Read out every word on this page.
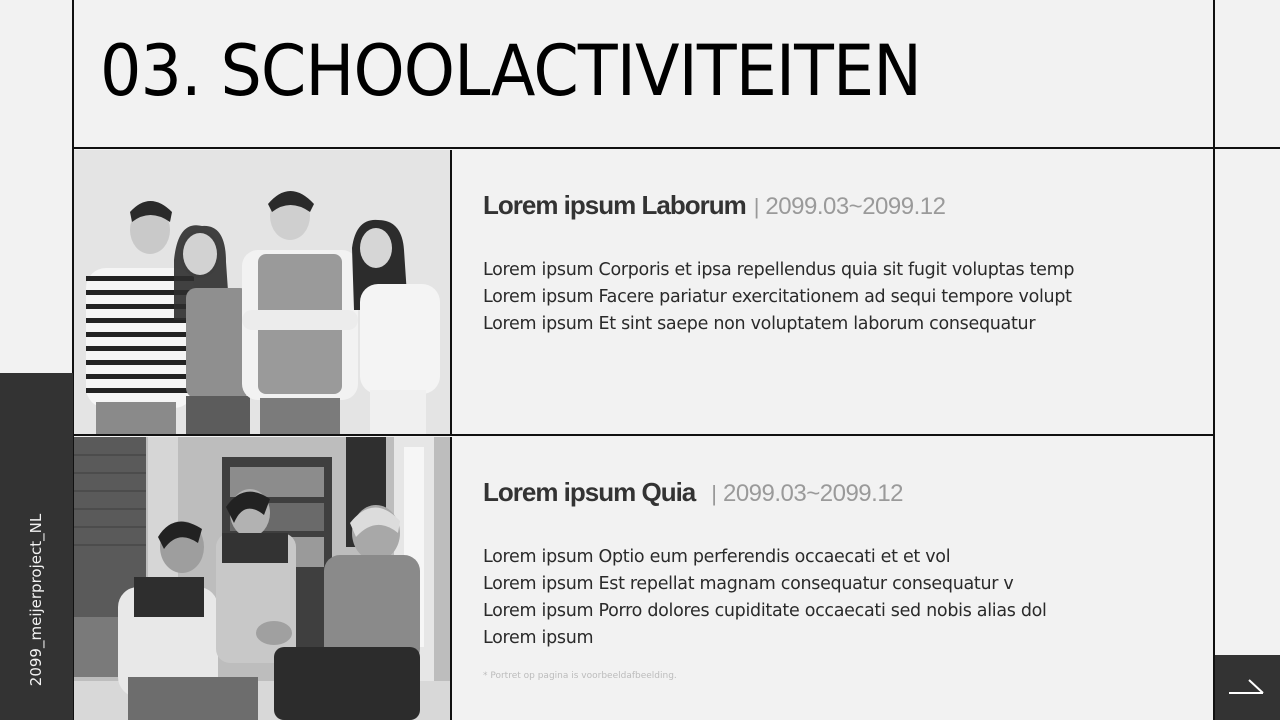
03. SCHOOLACTIVITEITEN
Lorem ipsum Laborum | 2099.03~2099.12
Lorem ipsum Corporis et ipsa repellendus quia sit fugit voluptas temp
Lorem ipsum Facere pariatur exercitationem ad sequi tempore volupt
Lorem ipsum Et sint saepe non voluptatem laborum consequatur
Lorem ipsum Quia | 2099.03~2099.12
Lorem ipsum Optio eum perferendis occaecati et et vol
Lorem ipsum Est repellat magnam consequatur consequatur v
Lorem ipsum Porro dolores cupiditate occaecati sed nobis alias dol
Lorem ipsum
* Portret op pagina is voorbeeldafbeelding.
2099_meijerproject_NL
